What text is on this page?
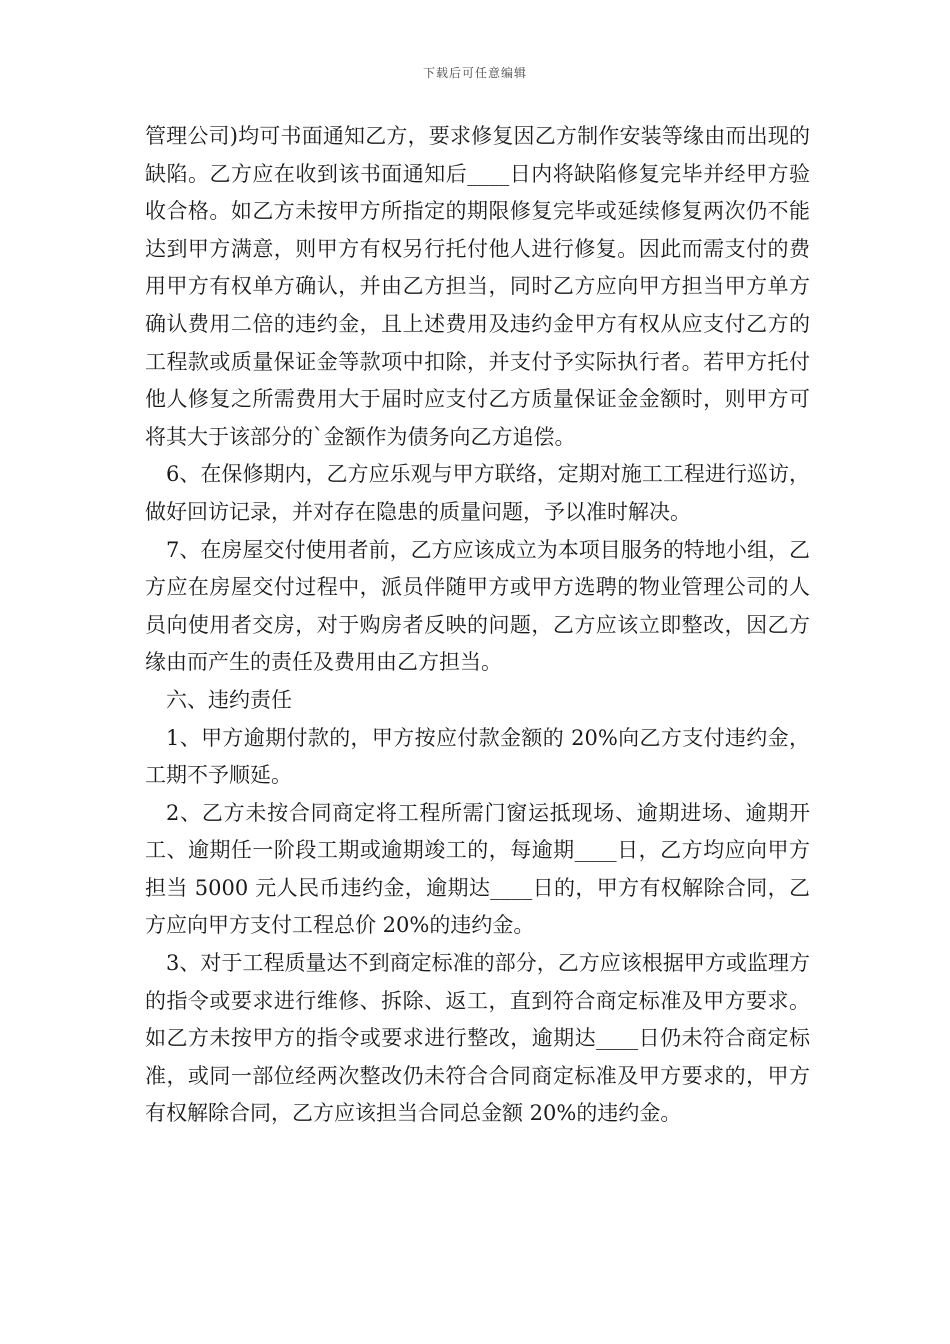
下载后可任意编辑

管理公司)均可书面通知乙方，要求修复因乙方制作安装等缘由而出现的缺陷。乙方应在收到该书面通知后____日内将缺陷修复完毕并经甲方验收合格。如乙方未按甲方所指定的期限修复完毕或延续修复两次仍不能达到甲方满意，则甲方有权另行托付他人进行修复。因此而需支付的费用甲方有权单方确认，并由乙方担当，同时乙方应向甲方担当甲方单方确认费用二倍的违约金，且上述费用及违约金甲方有权从应支付乙方的工程款或质量保证金等款项中扣除，并支付予实际执行者。若甲方托付他人修复之所需费用大于届时应支付乙方质量保证金金额时，则甲方可将其大于该部分的`金额作为债务向乙方追偿。

6、在保修期内，乙方应乐观与甲方联络，定期对施工工程进行巡访，做好回访记录，并对存在隐患的质量问题，予以准时解决。

7、在房屋交付使用者前，乙方应该成立为本项目服务的特地小组，乙方应在房屋交付过程中，派员伴随甲方或甲方选聘的物业管理公司的人员向使用者交房，对于购房者反映的问题，乙方应该立即整改，因乙方缘由而产生的责任及费用由乙方担当。

六、违约责任

1、甲方逾期付款的，甲方按应付款金额的 20%向乙方支付违约金，工期不予顺延。

2、乙方未按合同商定将工程所需门窗运抵现场、逾期进场、逾期开工、逾期任一阶段工期或逾期竣工的，每逾期____日，乙方均应向甲方担当 5000 元人民币违约金，逾期达____日的，甲方有权解除合同，乙方应向甲方支付工程总价 20%的违约金。

3、对于工程质量达不到商定标准的部分，乙方应该根据甲方或监理方的指令或要求进行维修、拆除、返工，直到符合商定标准及甲方要求。如乙方未按甲方的指令或要求进行整改，逾期达____日仍未符合商定标准，或同一部位经两次整改仍未符合合同商定标准及甲方要求的，甲方有权解除合同，乙方应该担当合同总金额 20%的违约金。
